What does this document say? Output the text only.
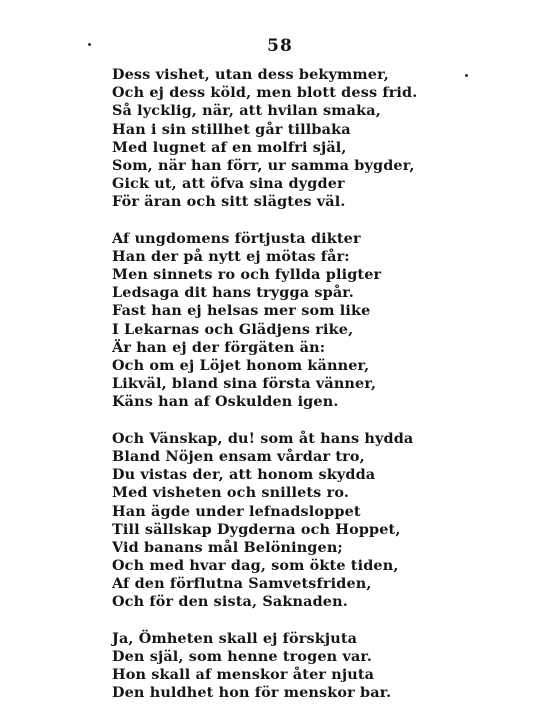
58
Dess vishet, utan dess bekymmer,
Och ej dess köld, men blott dess frid.
Så lycklig, när, att hvilan smaka,
Han i sin stillhet går tillbaka
Med lugnet af en molfri själ,
Som, när han förr, ur samma bygder,
Gick ut, att öfva sina dygder
För äran och sitt slägtes väl.
Af ungdomens förtjusta dikter
Han der på nytt ej mötas får:
Men sinnets ro och fyllda pligter
Ledsaga dit hans trygga spår.
Fast han ej helsas mer som like
I Lekarnas och Glädjens rike,
Är han ej der förgäten än:
Och om ej Löjet honom känner,
Likväl, bland sina första vänner,
Käns han af Oskulden igen.
Och Vänskap, du! som åt hans hydda
Bland Nöjen ensam vårdar tro,
Du vistas der, att honom skydda
Med visheten och snillets ro.
Han ägde under lefnadsloppet
Till sällskap Dygderna och Hoppet,
Vid banans mål Belöningen;
Och med hvar dag, som ökte tiden,
Af den förflutna Samvetsfriden,
Och för den sista, Saknaden.
Ja, Ömheten skall ej förskjuta
Den själ, som henne trogen var.
Hon skall af menskor åter njuta
Den huldhet hon för menskor bar.
